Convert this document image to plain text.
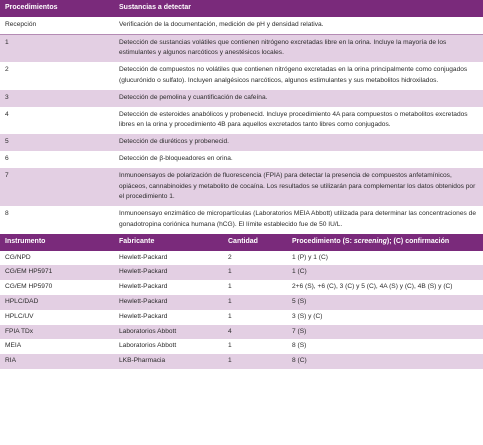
Procedimientos	Sustancias a detectar
Recepción	Verificación de la documentación, medición de pH y densidad relativa.
1	Detección de sustancias volátiles que contienen nitrógeno excretadas libre en la orina. Incluye la mayoría de los estimulantes y algunos narcóticos y anestésicos locales.
2	Detección de compuestos no volátiles que contienen nitrógeno excretadas en la orina principalmente como conjugados (glucurónido o sulfato). Incluyen analgésicos narcóticos, algunos estimulantes y sus metabolitos hidroxilados.
3	Detección de pemolina y cuantificación de cafeína.
4	Detección de esteroides anabólicos y probenecid. Incluye procedimiento 4A para compuestos o metabolitos excretados libres en la orina y procedimiento 4B para aquellos excretados tanto libres como conjugados.
5	Detección de diuréticos y probenecid.
6	Detección de β-bloqueadores en orina.
7	Inmunoensayos de polarización de fluorescencia (FPIA) para detectar la presencia de compuestos anfetamínicos, opiáceos, cannabinoides y metabolito de cocaína. Los resultados se utilizarán para complementar los datos obtenidos por el procedimiento 1.
8	Inmunoensayo enzimático de micropartículas (Laboratorios MEIA Abbott) utilizada para determinar las concentraciones de gonadotropina coriónica humana (hCG). El límite establecido fue de 50 IU/L.
Instrumento	Fabricante	Cantidad	Procedimiento (S: screening); (C) confirmación
CG/NPD	Hewlett-Packard	2	1 (P) y 1 (C)
CG/EM HP5971	Hewlett-Packard	1	1 (C)
CG/EM HP5970	Hewlett-Packard	1	2+6 (S), +6 (C), 3 (C) y 5 (C), 4A (S) y (C), 4B (S) y (C)
HPLC/DAD	Hewlett-Packard	1	5 (S)
HPLC/UV	Hewlett-Packard	1	3 (S) y (C)
FPIA TDx	Laboratorios Abbott	4	7 (S)
MEIA	Laboratorios Abbott	1	8 (S)
RIA	LKB-Pharmacia	1	8 (C)
